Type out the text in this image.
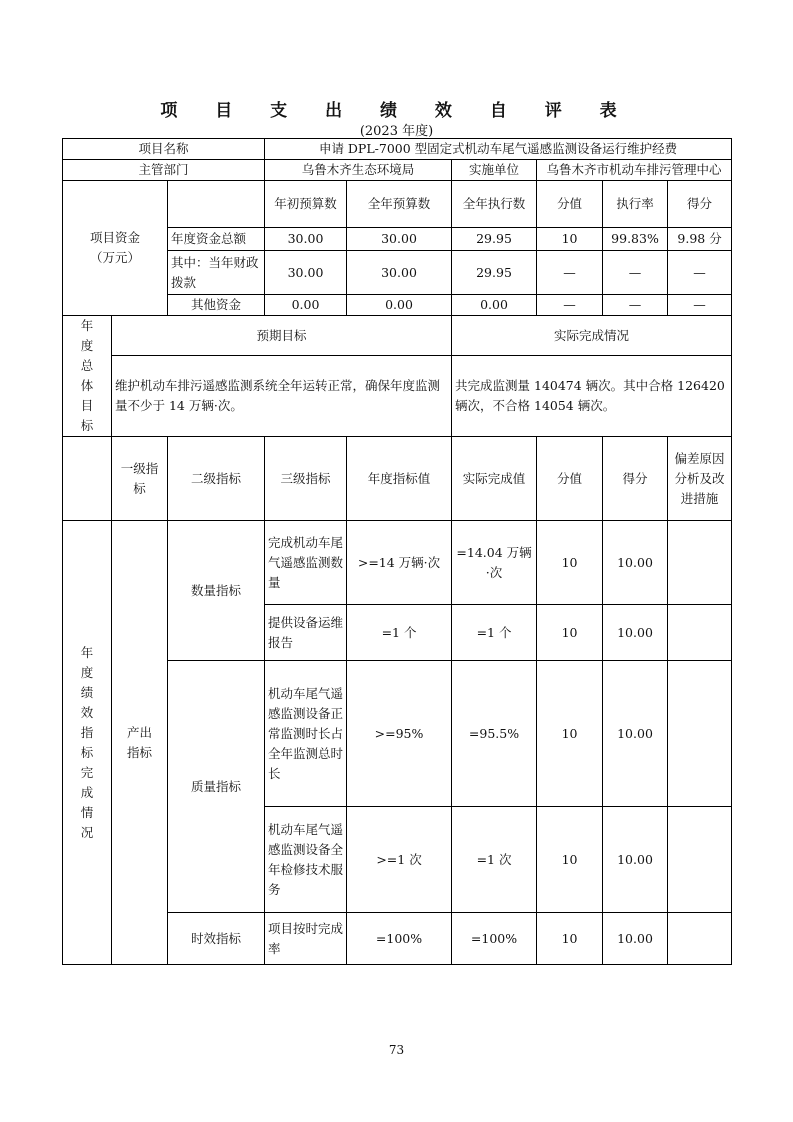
项 目 支 出 绩 效 自 评 表
(2023 年度)
项目名称			申请 DPL-7000 型固定式机动车尾气遥感监测设备运行维护经费					
主管部门			乌鲁木齐生态环境局		实施单位	乌鲁木齐市机动车排污管理中心		
项目资金
（万元）			年初预算数	全年预算数	全年执行数	分值	执行率	得分
		年度资金总额	30.00	30.00	29.95	10	99.83%	9.98 分
		其中：当年财政拨款	30.00	30.00	29.95	—	—	—
		其他资金	0.00	0.00	0.00	—	—	—
年度总体目标	预期目标				实际完成情况			
	维护机动车排污遥感监测系统全年运转正常，确保年度监测量不少于 14 万辆·次。				共完成监测量 140474 辆次。其中合格 126420 辆次，不合格 14054 辆次。			
	一级指标	二级指标	三级指标	年度指标值	实际完成值	分值	得分	偏差原因分析及改进措施
年度绩效指标完成情况	产出指标	数量指标	完成机动车尾气遥感监测数量	>=14 万辆·次	=14.04 万辆·次	10	10.00	
			提供设备运维报告	=1 个	=1 个	10	10.00	
		质量指标	机动车尾气遥感监测设备正常监测时长占全年监测总时长	>=95%	=95.5%	10	10.00	
			机动车尾气遥感监测设备全年检修技术服务	>=1 次	=1 次	10	10.00	
		时效指标	项目按时完成率	=100%	=100%	10	10.00	
73
